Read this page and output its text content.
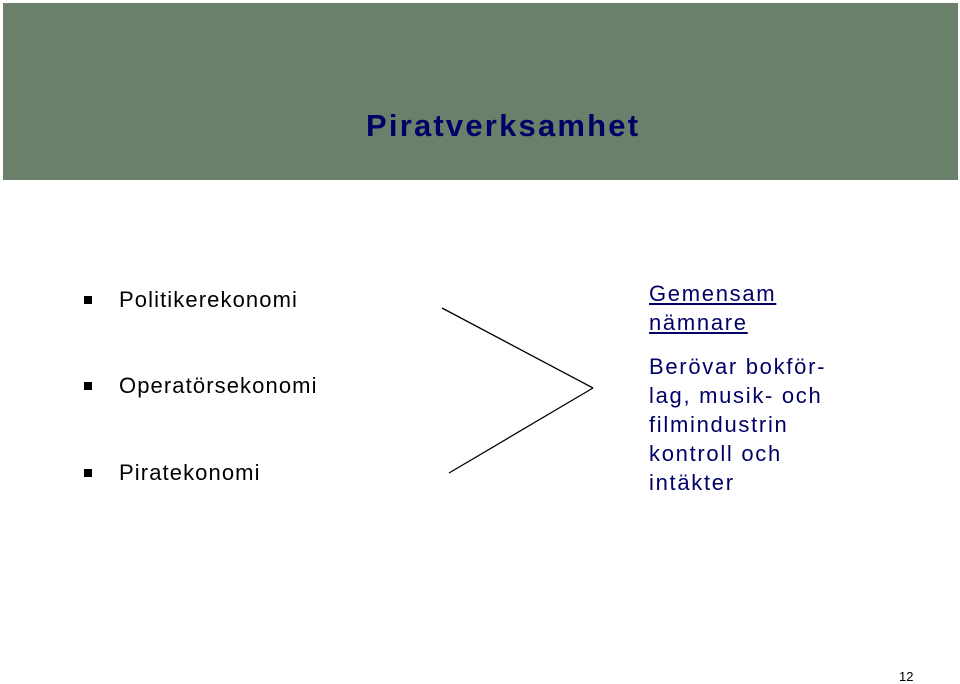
Piratverksamhet
Politikerekonomi
Operatörsekonomi
Piratekonomi
Gemensam
nämnare
Berövar bokför-
lag, musik- och
filmindustrin
kontroll och
intäkter
12
